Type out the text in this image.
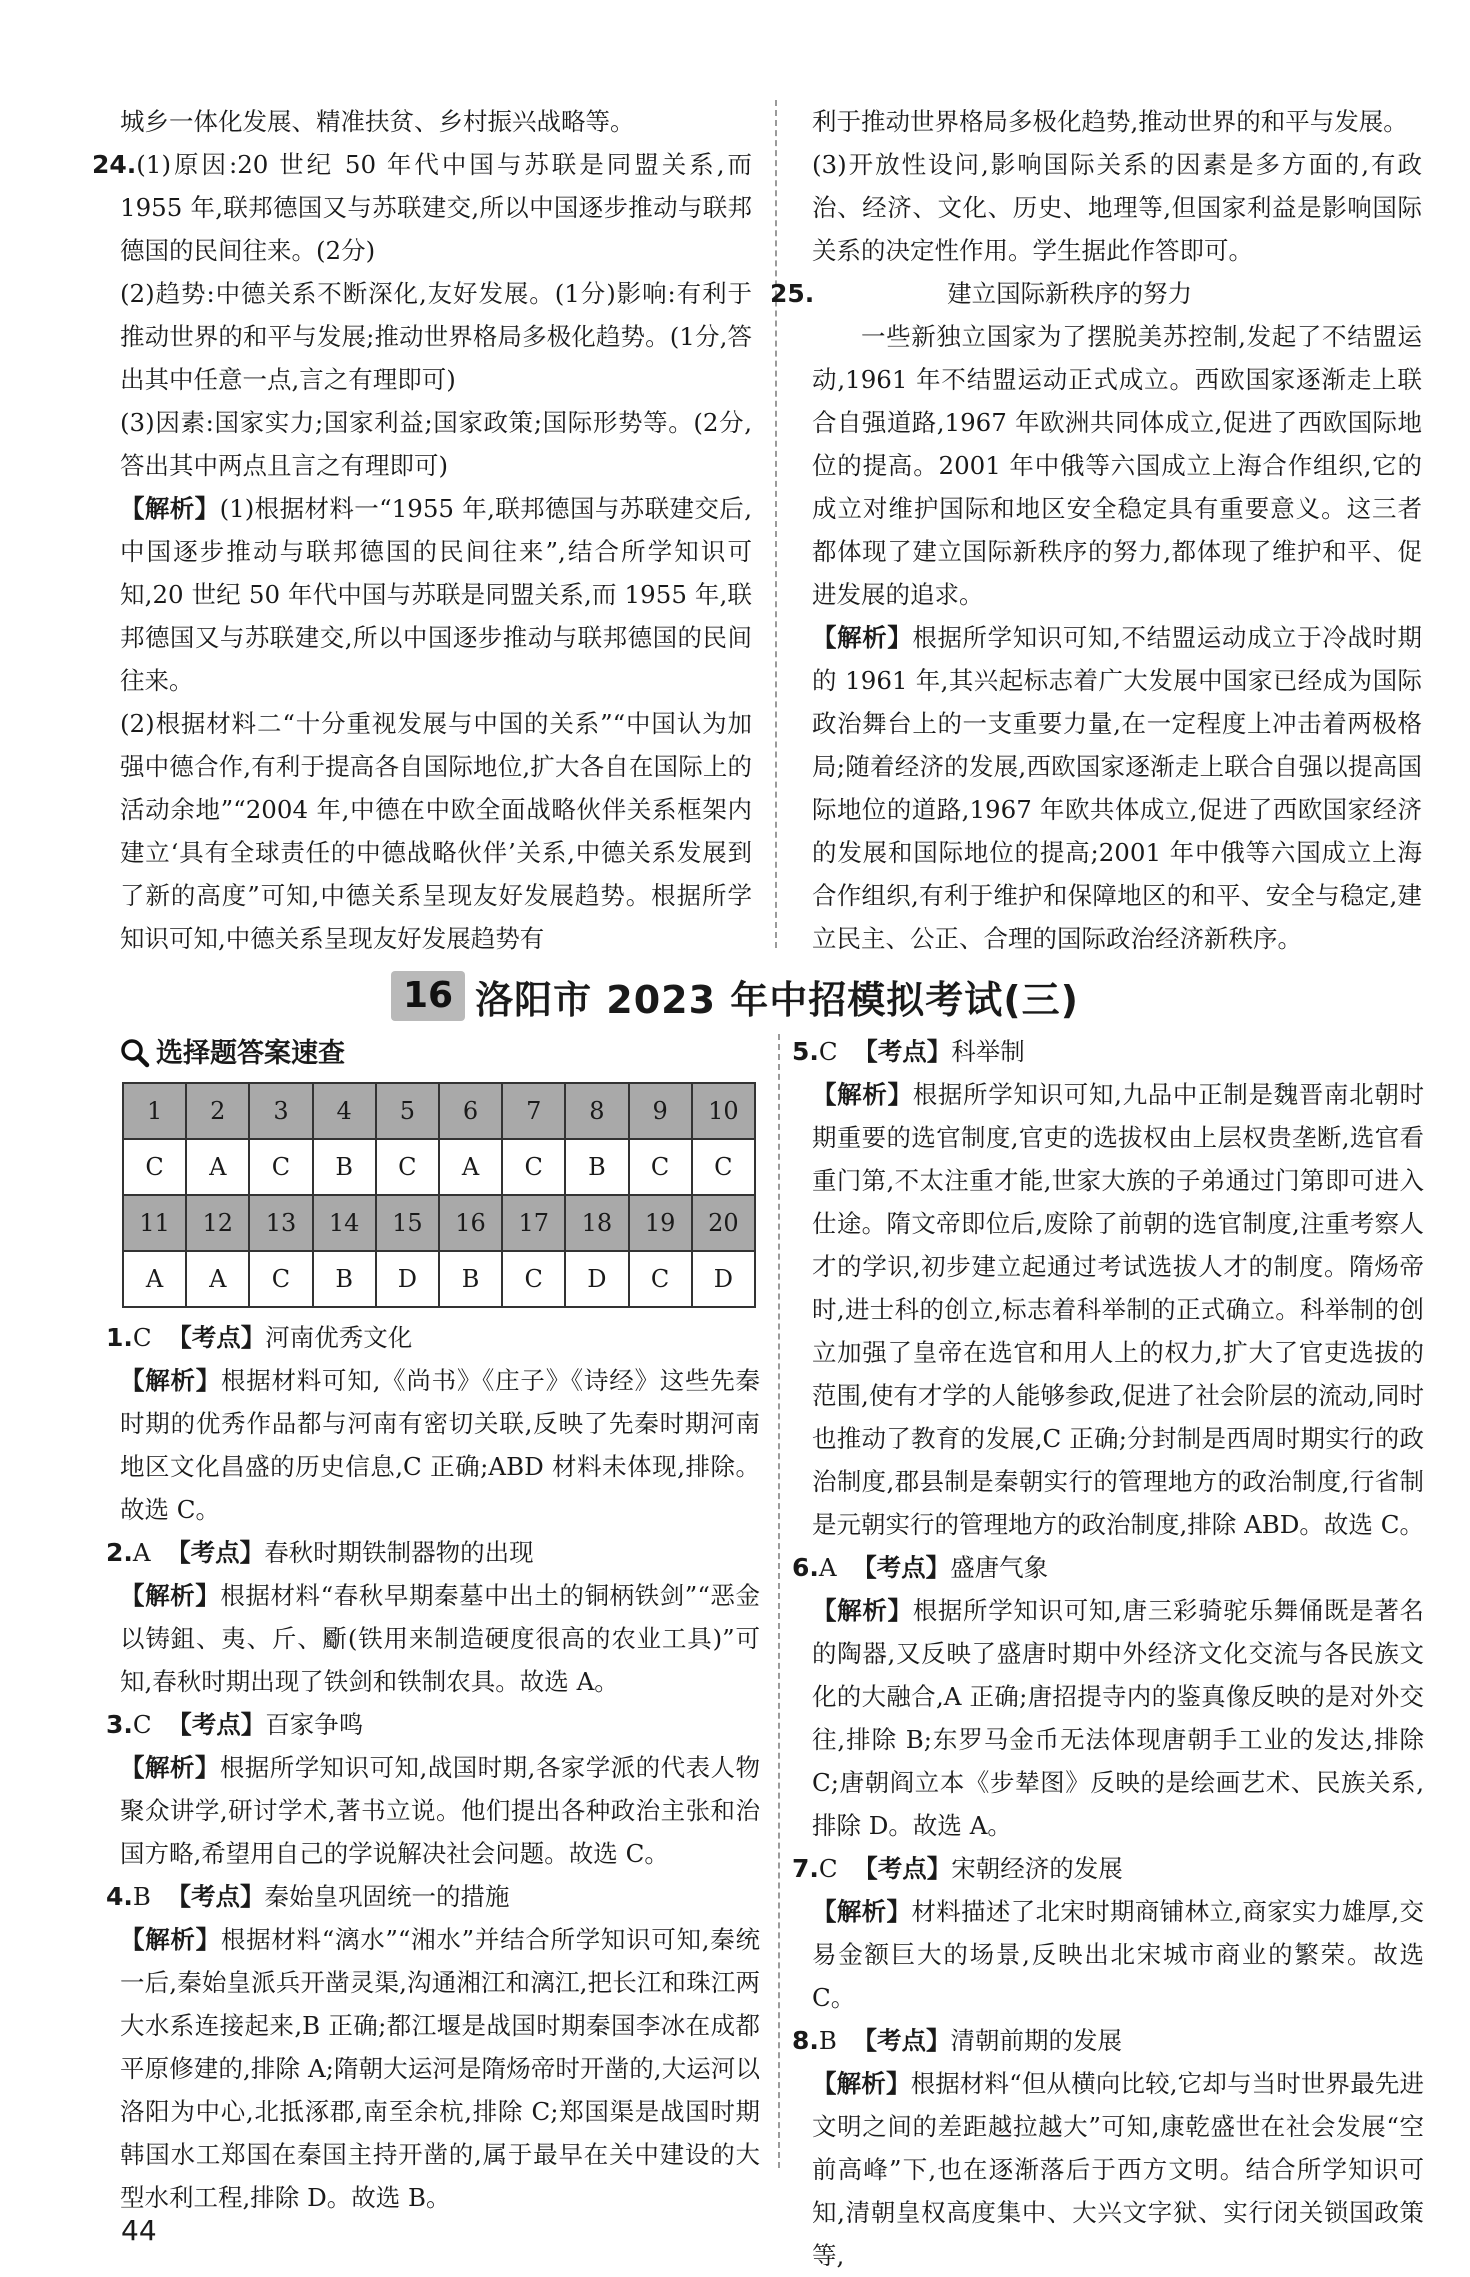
城乡一体化发展、精准扶贫、乡村振兴战略等。

24.(1)原因:20 世纪 50 年代中国与苏联是同盟关系,而 1955 年,联邦德国又与苏联建交,所以中国逐步推动与联邦德国的民间往来。(2分)

(2)趋势:中德关系不断深化,友好发展。(1分)影响:有利于推动世界的和平与发展;推动世界格局多极化趋势。(1分,答出其中任意一点,言之有理即可)

(3)因素:国家实力;国家利益;国家政策;国际形势等。(2分,答出其中两点且言之有理即可)

【解析】(1)根据材料一“1955 年,联邦德国与苏联建交后,中国逐步推动与联邦德国的民间往来”,结合所学知识可知,20 世纪 50 年代中国与苏联是同盟关系,而 1955 年,联邦德国又与苏联建交,所以中国逐步推动与联邦德国的民间往来。

(2)根据材料二“十分重视发展与中国的关系”“中国认为加强中德合作,有利于提高各自国际地位,扩大各自在国际上的活动余地”“2004 年,中德在中欧全面战略伙伴关系框架内建立‘具有全球责任的中德战略伙伴’关系,中德关系发展到了新的高度”可知,中德关系呈现友好发展趋势。根据所学知识可知,中德关系呈现友好发展趋势有

利于推动世界格局多极化趋势,推动世界的和平与发展。

(3)开放性设问,影响国际关系的因素是多方面的,有政治、经济、文化、历史、地理等,但国家利益是影响国际关系的决定性作用。学生据此作答即可。

25.	建立国际新秩序的努力

一些新独立国家为了摆脱美苏控制,发起了不结盟运动,1961 年不结盟运动正式成立。西欧国家逐渐走上联合自强道路,1967 年欧洲共同体成立,促进了西欧国际地位的提高。2001 年中俄等六国成立上海合作组织,它的成立对维护国际和地区安全稳定具有重要意义。这三者都体现了建立国际新秩序的努力,都体现了维护和平、促进发展的追求。

【解析】根据所学知识可知,不结盟运动成立于冷战时期的 1961 年,其兴起标志着广大发展中国家已经成为国际政治舞台上的一支重要力量,在一定程度上冲击着两极格局;随着经济的发展,西欧国家逐渐走上联合自强以提高国际地位的道路,1967 年欧共体成立,促进了西欧国家经济的发展和国际地位的提高;2001 年中俄等六国成立上海合作组织,有利于维护和保障地区的和平、安全与稳定,建立民主、公正、合理的国际政治经济新秩序。

16 洛阳市 2023 年中招模拟考试(三)
选择题答案速查
1	2	3	4	5	6	7	8	9	10
C	A	C	B	C	A	C	B	C	C
11	12	13	14	15	16	17	18	19	20
A	A	C	B	D	B	C	D	C	D

1.C 【考点】河南优秀文化

【解析】根据材料可知,《尚书》《庄子》《诗经》这些先秦时期的优秀作品都与河南有密切关联,反映了先秦时期河南地区文化昌盛的历史信息,C 正确;ABD 材料未体现,排除。故选 C。

2.A 【考点】春秋时期铁制器物的出现

【解析】根据材料“春秋早期秦墓中出土的铜柄铁剑”“恶金以铸鉏、夷、斤、斸(铁用来制造硬度很高的农业工具)”可知,春秋时期出现了铁剑和铁制农具。故选 A。

3.C 【考点】百家争鸣

【解析】根据所学知识可知,战国时期,各家学派的代表人物聚众讲学,研讨学术,著书立说。他们提出各种政治主张和治国方略,希望用自己的学说解决社会问题。故选 C。

4.B 【考点】秦始皇巩固统一的措施

【解析】根据材料“漓水”“湘水”并结合所学知识可知,秦统一后,秦始皇派兵开凿灵渠,沟通湘江和漓江,把长江和珠江两大水系连接起来,B 正确;都江堰是战国时期秦国李冰在成都平原修建的,排除 A;隋朝大运河是隋炀帝时开凿的,大运河以洛阳为中心,北抵涿郡,南至余杭,排除 C;郑国渠是战国时期韩国水工郑国在秦国主持开凿的,属于最早在关中建设的大型水利工程,排除 D。故选 B。

5.C 【考点】科举制

【解析】根据所学知识可知,九品中正制是魏晋南北朝时期重要的选官制度,官吏的选拔权由上层权贵垄断,选官看重门第,不太注重才能,世家大族的子弟通过门第即可进入仕途。隋文帝即位后,废除了前朝的选官制度,注重考察人才的学识,初步建立起通过考试选拔人才的制度。隋炀帝时,进士科的创立,标志着科举制的正式确立。科举制的创立加强了皇帝在选官和用人上的权力,扩大了官吏选拔的范围,使有才学的人能够参政,促进了社会阶层的流动,同时也推动了教育的发展,C 正确;分封制是西周时期实行的政治制度,郡县制是秦朝实行的管理地方的政治制度,行省制是元朝实行的管理地方的政治制度,排除 ABD。故选 C。

6.A 【考点】盛唐气象

【解析】根据所学知识可知,唐三彩骑驼乐舞俑既是著名的陶器,又反映了盛唐时期中外经济文化交流与各民族文化的大融合,A 正确;唐招提寺内的鉴真像反映的是对外交往,排除 B;东罗马金币无法体现唐朝手工业的发达,排除 C;唐朝阎立本《步辇图》反映的是绘画艺术、民族关系,排除 D。故选 A。

7.C 【考点】宋朝经济的发展

【解析】材料描述了北宋时期商铺林立,商家实力雄厚,交易金额巨大的场景,反映出北宋城市商业的繁荣。故选 C。

8.B 【考点】清朝前期的发展

【解析】根据材料“但从横向比较,它却与当时世界最先进文明之间的差距越拉越大”可知,康乾盛世在社会发展“空前高峰”下,也在逐渐落后于西方文明。结合所学知识可知,清朝皇权高度集中、大兴文字狱、实行闭关锁国政策等,

44
